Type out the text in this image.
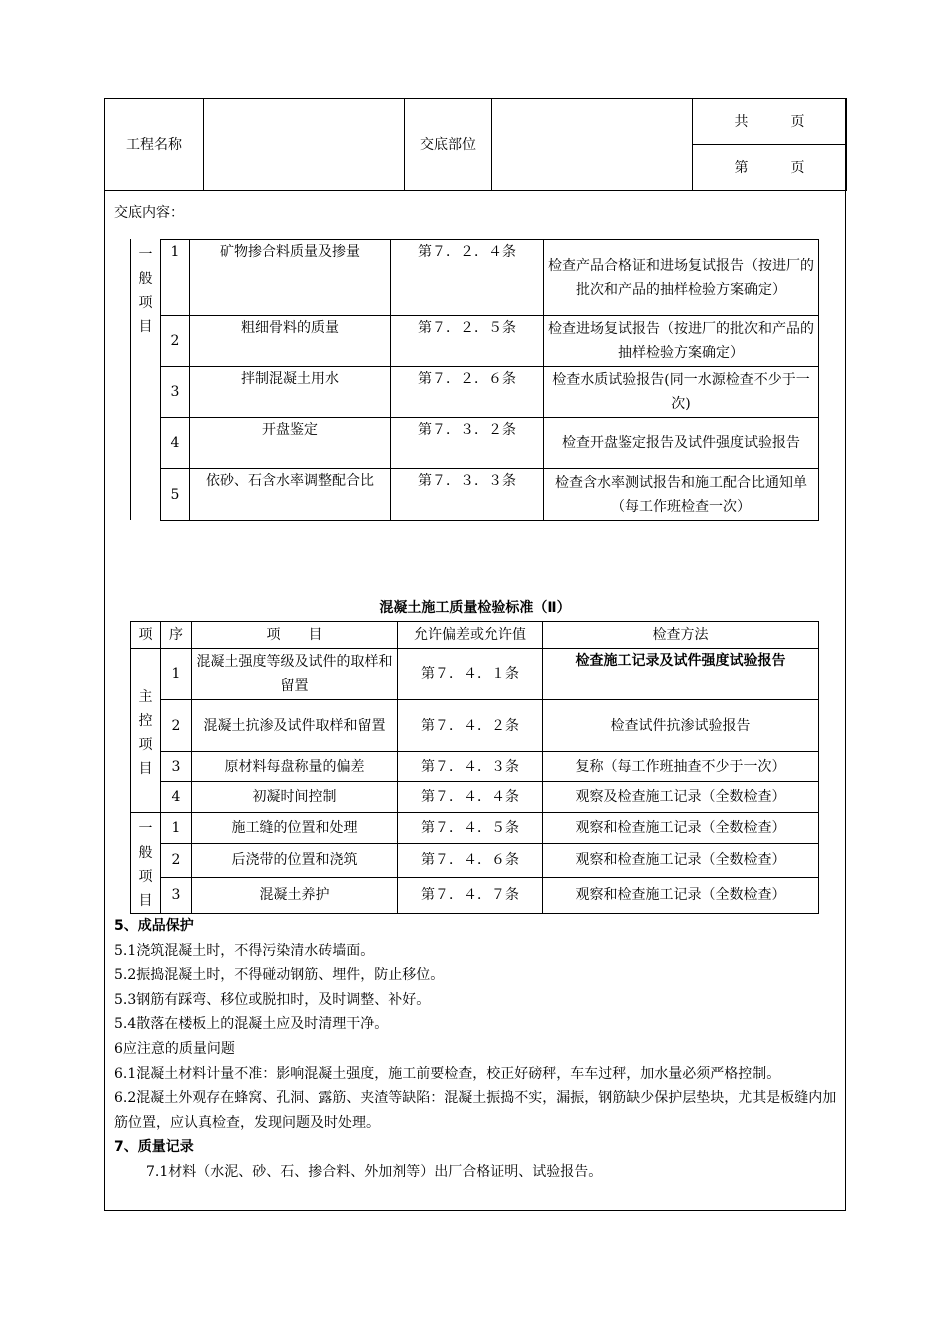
工程名称		交底部位		共　　　页
第　　　页
交底内容：
一
般
项
目
1	矿物掺合料质量及掺量	第７．２．４条	检查产品合格证和进场复试报告（按进厂的批次和产品的抽样检验方案确定）
2	粗细骨料的质量	第７．２．５条	检查进场复试报告（按进厂的批次和产品的抽样检验方案确定）
3	拌制混凝土用水	第７．２．６条	检查水质试验报告(同一水源检查不少于一次)
4	开盘鉴定	第７．３．２条	检查开盘鉴定报告及试件强度试验报告
5	依砂、石含水率调整配合比	第７．３．３条	检查含水率测试报告和施工配合比通知单（每工作班检查一次）
混凝土施工质量检验标准（Ⅱ）
项	序	项　　目	允许偏差或允许值	检查方法

主
控
项
目	1	混凝土强度等级及试件的取样和留置	第７．４．１条	检查施工记录及试件强度试验报告
	2	混凝土抗渗及试件取样和留置	第７．４．２条	检查试件抗渗试验报告
	3	原材料每盘称量的偏差	第７．４．３条	复称（每工作班抽查不少于一次）
	4	初凝时间控制	第７．４．４条	观察及检查施工记录（全数检查）

一
般
项
目	1	施工缝的位置和处理	第７．４．５条	观察和检查施工记录（全数检查）
	2	后浇带的位置和浇筑	第７．４．６条	观察和检查施工记录（全数检查）
	3	混凝土养护	第７．４．７条	观察和检查施工记录（全数检查）

5、成品保护

5.1浇筑混凝土时，不得污染清水砖墙面。

5.2振捣混凝土时，不得碰动钢筋、埋件，防止移位。

5.3钢筋有踩弯、移位或脱扣时，及时调整、补好。

5.4散落在楼板上的混凝土应及时清理干净。

6应注意的质量问题

6.1混凝土材料计量不准：影响混凝土强度，施工前要检查，校正好磅秤，车车过秤，加水量必须严格控制。

6.2混凝土外观存在蜂窝、孔洞、露筋、夹渣等缺陷：混凝土振捣不实，漏振，钢筋缺少保护层垫块，尤其是板缝内加筋位置，应认真检查，发现问题及时处理。

7、质量记录

7.1材料（水泥、砂、石、掺合料、外加剂等）出厂合格证明、试验报告。
